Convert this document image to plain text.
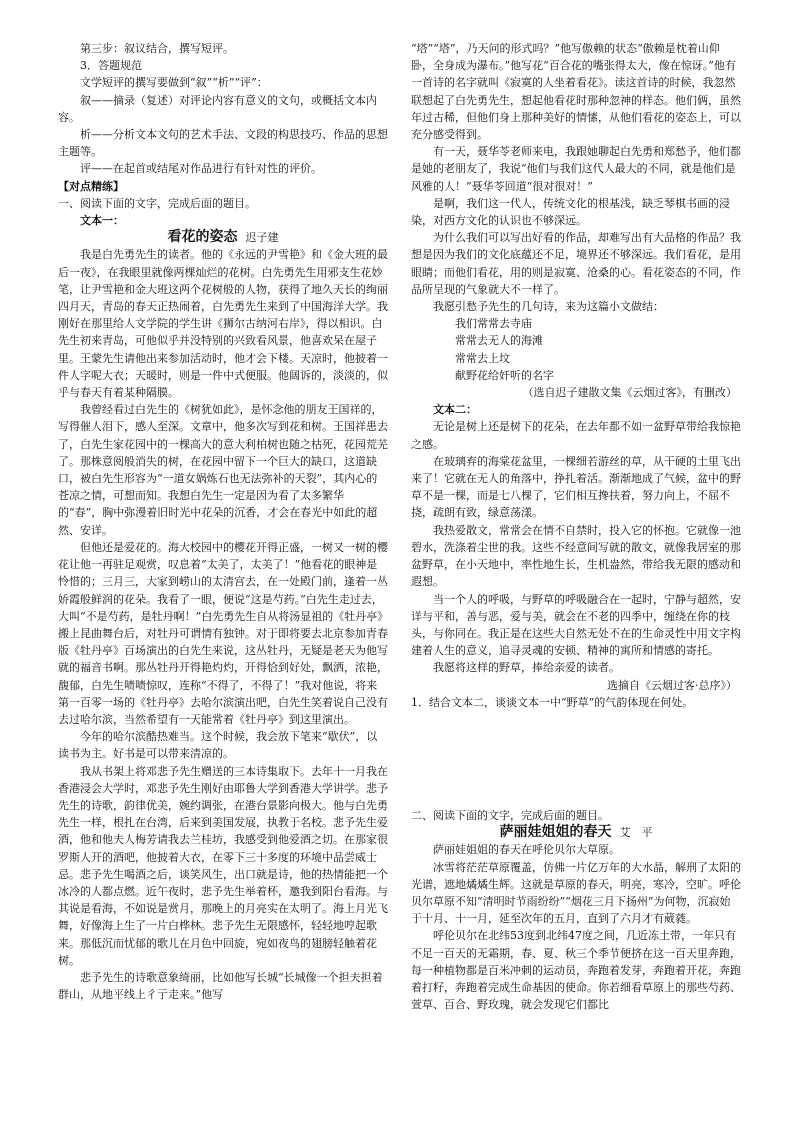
第三步：叙议结合，撰写短评。

3．答题规范

文学短评的撰写要做到“叙”“析”“评”：

叙——摘录（复述）对评论内容有意义的文句，或概括文本内容。

析——分析文本文句的艺术手法、文段的构思技巧、作品的思想主题等。

评——在起首或结尾对作品进行有针对性的评价。

【对点精练】

一、阅读下面的文字，完成后面的题目。

文本一：

看花的姿态 迟子建

我是白先勇先生的读者。他的《永远的尹雪艳》和《金大班的最后一夜》，在我眼里就像两棵灿烂的花树。白先勇先生用邪支生花妙笔，让尹雪艳和金大班这两个花树般的人物，获得了地久天长的绚丽四月天，青岛的春天正热闹着，白先勇先生来到了中国海洋大学。我刚好在那里给人文学院的学生讲《狮尔古纳河右岸》，得以相识。白先生初来青岛，可他似乎并没特别的兴致看风景，他喜欢呆在屋子里。王蒙先生请他出来参加活动时，他才会下楼。天凉时，他披着一件人字呢大衣；天暖时，则是一件中式便服。他阔诉的，淡淡的，似乎与春天有着某种隔膜。

我曾经看过白先生的《树犹如此》，是怀念他的朋友王国祥的，写得催人泪下，感人至深。文章中，他多次写到花和树。王国祥患去了，白先生家花园中的一棵高大的意大利柏树也随之枯死，花园荒芜了。那株意阅般消失的树，在花园中留下一个巨大的缺口，这道缺口，被白先生形容为“一道女娲炼石也无法弥补的天裂”，其内心的苍凉之情，可想而知。我想白先生一定是因为看了太多繁华的“春”，胸中弥漫着旧时光中花朵的沉香，才会在春光中如此的超然、安详。

但他还是爱花的。海大校园中的樱花开得正盛，一树又一树的樱花让他一再驻足观赏，叹息着“太美了，太美了！”他看花的眼神是怜惜的；三月三，大家到崂山的太清宫去，在一处殿门前，逢着一丛娇霞般鲜润的花朵。我看了一眼，便说“这是芍药。”白先生走过去，大叫“不是芍药，是牡丹啊！”白先勇先生自从将汤显祖的《牡丹亭》搬上昆曲舞台后，对牡丹可谓情有独钟。对于即将要去北京参加青春版《牡丹亭》百场演出的白先生来说，这丛牡丹，无疑是老天为他写就的福音书啊。那丛牡丹开得艳灼灼，开得恰到好处，飘洒，浓艳，馥郁，白先生啧啧惊叹，连称“不得了，不得了！”我对他说，将来第一百零一场的《牡丹亭》去哈尔滨演出吧，白先生笑着说自己没有去过哈尔滨，当然希望有一天能常着《牡丹亭》到这里演出。

今年的哈尔滨酷热难当。这个时候，我会放下笔来“歇伏”，以读书为主。好书是可以带来清凉的。

我从书架上将邓悲予先生赠送的三本诗集取下。去年十一月我在香港浸会大学时，邓悲予先生刚好由耶鲁大学到香港大学讲学。悲予先生的诗歌，韵律优美，婉约调张，在港台景影向极大。他与白先勇先生一样，根扎在台湾，后来到美国发展，执教于名校。悲予先生爱酒，他和他夫人梅芳请我去兰桂坊，我感受到他爱酒之切。在那家很罗斯人开的酒吧，他披着大衣，在零下三十多度的环境中品尝威士忌。悲予先生喝酒之后，谈笑风生，出口就是诗，他的热情能把一个冰冷的人都点燃。近午夜时，悲予先生举着杯，邀我到阳台看海。与其说是看海，不如说是赏月，那晚上的月亮实在太明了。海上月光飞舞，好像海上生了一片白桦林。悲予先生无限感怀，轻轻地哼起歌来。那低沉而忧郁的歌儿在月色中回旋，宛如夜鸟的翅膀轻触着花树。

悲予先生的诗歌意象绮丽，比如他写长城“长城像一个担夫担着群山，从地平线上彳亍走来。”他写

“塔”“塔”，乃天问的形式吗？”他写傲赖的状态“傲赖是枕着山仰卧，全身成为瀑布。”他写花“百合花的嘴张得太大，像在惊讶。”他有一首诗的名字就叫《寂寞的人坐着看花》。读这首诗的时候，我忽然联想起了白先勇先生，想起他看花时那种忽神的样态。他们俩，虽然年过古稀，但他们身上那种美好的情愫，从他们看花的姿态上，可以充分感受得到。

有一天，聂华苓老师来电，我跟她聊起白先勇和郑愁予，他们都是她的老朋友了，我说“他们与我们这代人最大的不同，就是他们是风雅的人！”聂华苓回道“很对很对！”

是啊，我们这一代人，传统文化的根基浅，缺乏琴棋书画的浸染，对西方文化的认识也不够深远。

为什么我们可以写出好看的作品，却难写出有大品格的作品？我想是因为我们的文化底蕴还不足，境界还不够深远。我们看花，是用眼睛；而他们看花，用的则是寂寞、沧桑的心。看花姿态的不同，作品所呈现的气象就大不一样了。

我愿引愁予先生的几句诗，来为这篇小文做结：

我们常常去寺庙

常常去无人的海滩

常常去上坟

献野花给奸听的名字

（选自迟子建散文集《云烟过客》，有删改）

文本二：

无论是树上还是树下的花朵，在去年都不如一盆野草带给我惊艳之感。

在玻璃弃的海棠花盆里，一棵细若游丝的草，从干硬的土里飞出来了！它就在无人的角落中，挣扎着活。渐渐地成了气候，盆中的野草不是一棵，而是七八棵了，它们相互搀扶着，努力向上，不屈不挠，疏朗有致，绿意荡漾。

我热爱散文，常常会在情不自禁时，投入它的怀抱。它就像一池碧水，洗涤着尘世的我。这些不经意间写就的散文，就像我居室的那盆野草，在小天地中，率性地生长，生机盎然，带给我无限的感动和遐想。

当一个人的呼吸，与野草的呼吸融合在一起时，宁静与超然，安详与平和，善与恶，爱与美，就会在不老的四季中，缠绕在你的枝头，与你同在。我正是在这些大自然无处不在的生命灵性中用文字构建着人生的意义，追寻灵魂的安顿、精神的寓所和情感的寄托。

我愿将这样的野草，捧给亲爱的读者。

选摘自《云烟过客·总序》）

1．结合文本二，谈谈文本一中“野草”的气韵体现在何处。

二、阅读下面的文字，完成后面的题目。

萨丽娃姐姐的春天 艾　平

萨丽娃姐姐的春天在呼伦贝尔大草原。

冰雪将茫茫草原覆盖，仿佛一片亿万年的大水晶，解刑了太阳的光谱，遮地燏燏生辉。这就是草原的春天，明亮，寒冷，空旷。呼伦贝尔草原不知“清明时节雨纷纷”“烟花三月下扬州”为何物，沉寂始于十月、十一月，延至次年的五月，直到了六月才有葳蕤。

呼伦贝尔在北纬53度到北纬47度之间，几近冻土带，一年只有不足一百天的无霜期，春、夏、秋三个季节便挤在这一百天里奔跑，每一种植物都是百米冲刺的运动员，奔跑着发芽，奔跑着开花，奔跑着打籽，奔跑着完成生命基因的使命。你若细看草原上的那些芍药、萱草、百合、野玫瑰，就会发现它们都比
